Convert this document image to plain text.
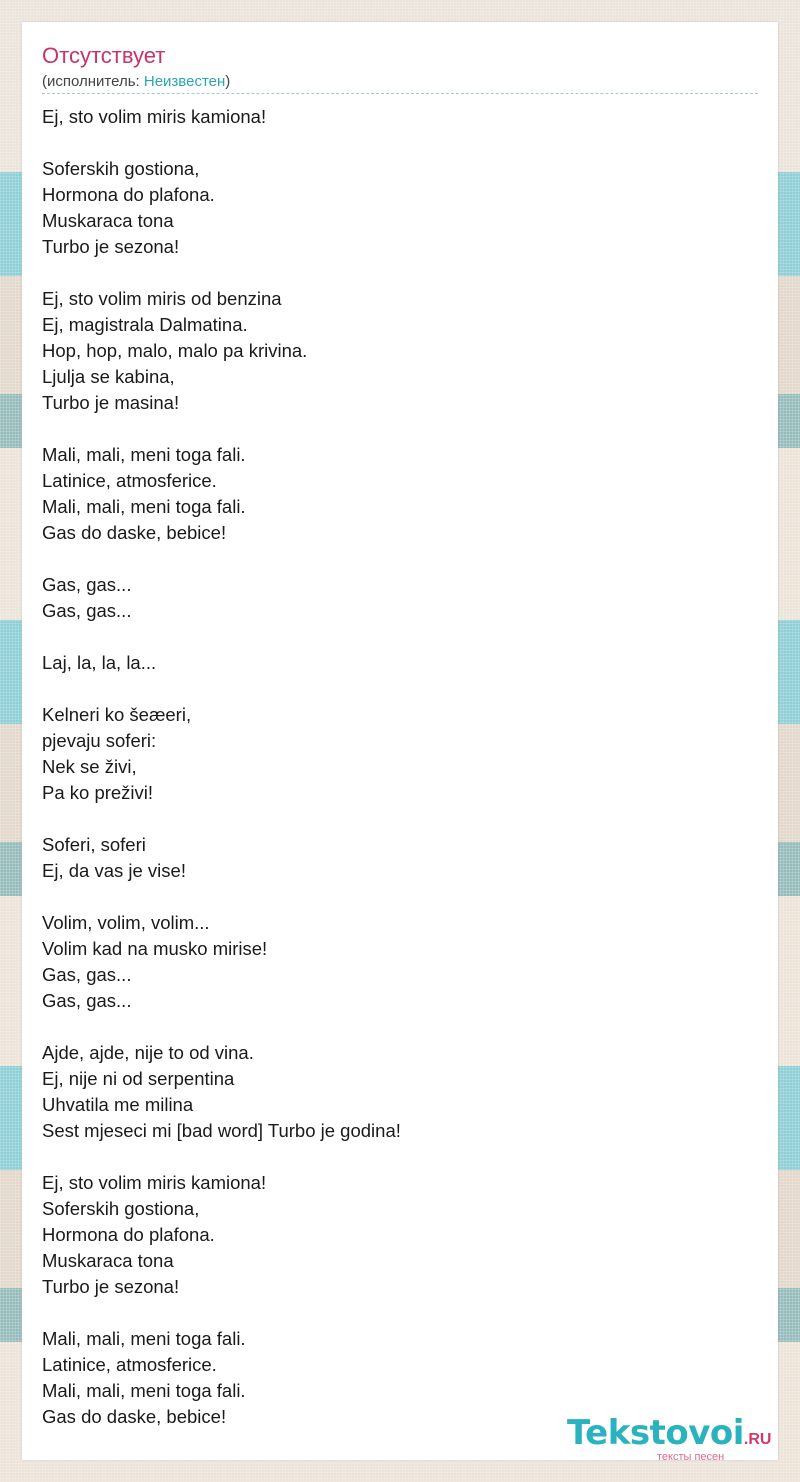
Отсутствует
(исполнитель: Неизвестен)
Ej, sto volim miris kamiona!
Soferskih gostiona,
Hormona do plafona.
Muskaraca tona
Turbo je sezona!
Ej, sto volim miris od benzina
Ej, magistrala Dalmatina.
Hop, hop, malo, malo pa krivina.
Ljulja se kabina,
Turbo je masina!
Mali, mali, meni toga fali.
Latinice, atmosferice.
Mali, mali, meni toga fali.
Gas do daske, bebice!
Gas, gas...
Gas, gas...
Laj, la, la, la...
Kelneri ko šeæeri,
pjevaju soferi:
Nek se živi,
Pa ko preživi!
Soferi, soferi
Ej, da vas je vise!
Volim, volim, volim...
Volim kad na musko mirise!
Gas, gas...
Gas, gas...
Ajde, ajde, nije to od vina.
Ej, nije ni od serpentina
Uhvatila me milina
Sest mjeseci mi [bad word] Turbo je godina!
Ej, sto volim miris kamiona!
Soferskih gostiona,
Hormona do plafona.
Muskaraca tona
Turbo je sezona!
Mali, mali, meni toga fali.
Latinice, atmosferice.
Mali, mali, meni toga fali.
Gas do daske, bebice!	Tekstovoi.RU
тексты песен
